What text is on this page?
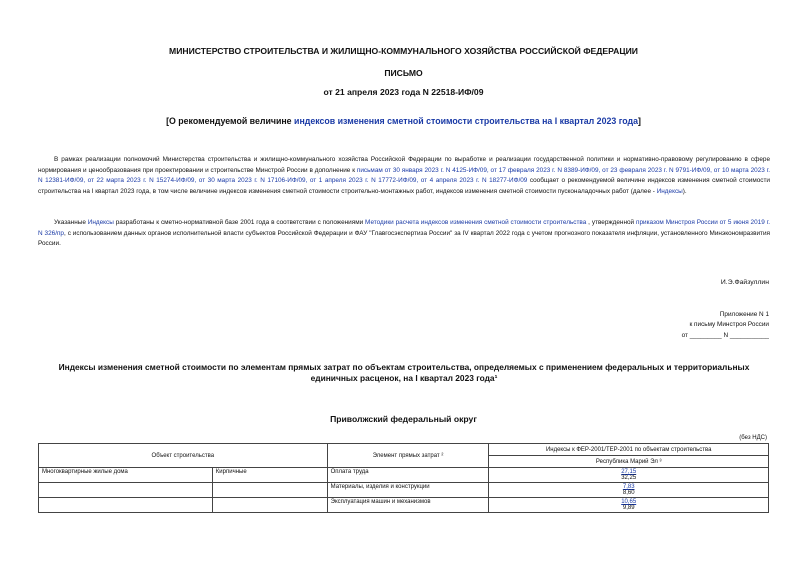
МИНИСТЕРСТВО СТРОИТЕЛЬСТВА И ЖИЛИЩНО-КОММУНАЛЬНОГО ХОЗЯЙСТВА РОССИЙСКОЙ ФЕДЕРАЦИИ
ПИСЬМО
от 21 апреля 2023 года N 22518-ИФ/09
[О рекомендуемой величине индексов изменения сметной стоимости строительства на I квартал 2023 года]
В рамках реализации полномочий Министерства строительства и жилищно-коммунального хозяйства Российской Федерации по выработке и реализации государственной политики и нормативно-правовому регулированию в сфере нормирования и ценообразования при проектировании и строительстве Минстрой России в дополнение к письмам от 30 января 2023 г. N 4125-ИФ/09, от 17 февраля 2023 г. N 8389-ИФ/09, от 23 февраля 2023 г. N 9791-ИФ/09, от 10 марта 2023 г. N 12381-ИФ/09, от 22 марта 2023 г. N 15274-ИФ/09, от 30 марта 2023 г. N 17106-ИФ/09, от 1 апреля 2023 г. N 17772-ИФ/09, от 4 апреля 2023 г. N 18277-ИФ/09 сообщает о рекомендуемой величине индексов изменения сметной стоимости строительства на I квартал 2023 года, в том числе величине индексов изменения сметной стоимости строительно-монтажных работ, индексов изменения сметной стоимости пусконаладочных работ (далее - Индексы).
Указанные Индексы разработаны к сметно-нормативной базе 2001 года в соответствии с положениями Методики расчета индексов изменения сметной стоимости строительства , утвержденной приказом Минстроя России от 5 июня 2019 г. N 326/пр, с использованием данных органов исполнительной власти субъектов Российской Федерации и ФАУ "Главгосэкспертиза России" за IV квартал 2022 года с учетом прогнозного показателя инфляции, установленного Минэкономразвития России.
И.Э.Файзуллин
Приложение N 1
к письму Минстроя России
от _________ N ___________
Индексы изменения сметной стоимости по элементам прямых затрат по объектам строительства, определяемых с применением федеральных и территориальных единичных расценок, на I квартал 2023 года¹
Приволжский федеральный округ
(без НДС)
Объект строительства		Элемент прямых затрат ²	Индексы к ФЕР-2001/ТЕР-2001 по объектам строительства
			Республика Марий Эл ³
Многоквартирные жилые дома	Кирпичные	Оплата труда	27,15
32,25
		Материалы, изделия и конструкции	7,83
8,60
		Эксплуатация машин и механизмов	10,65
9,89
